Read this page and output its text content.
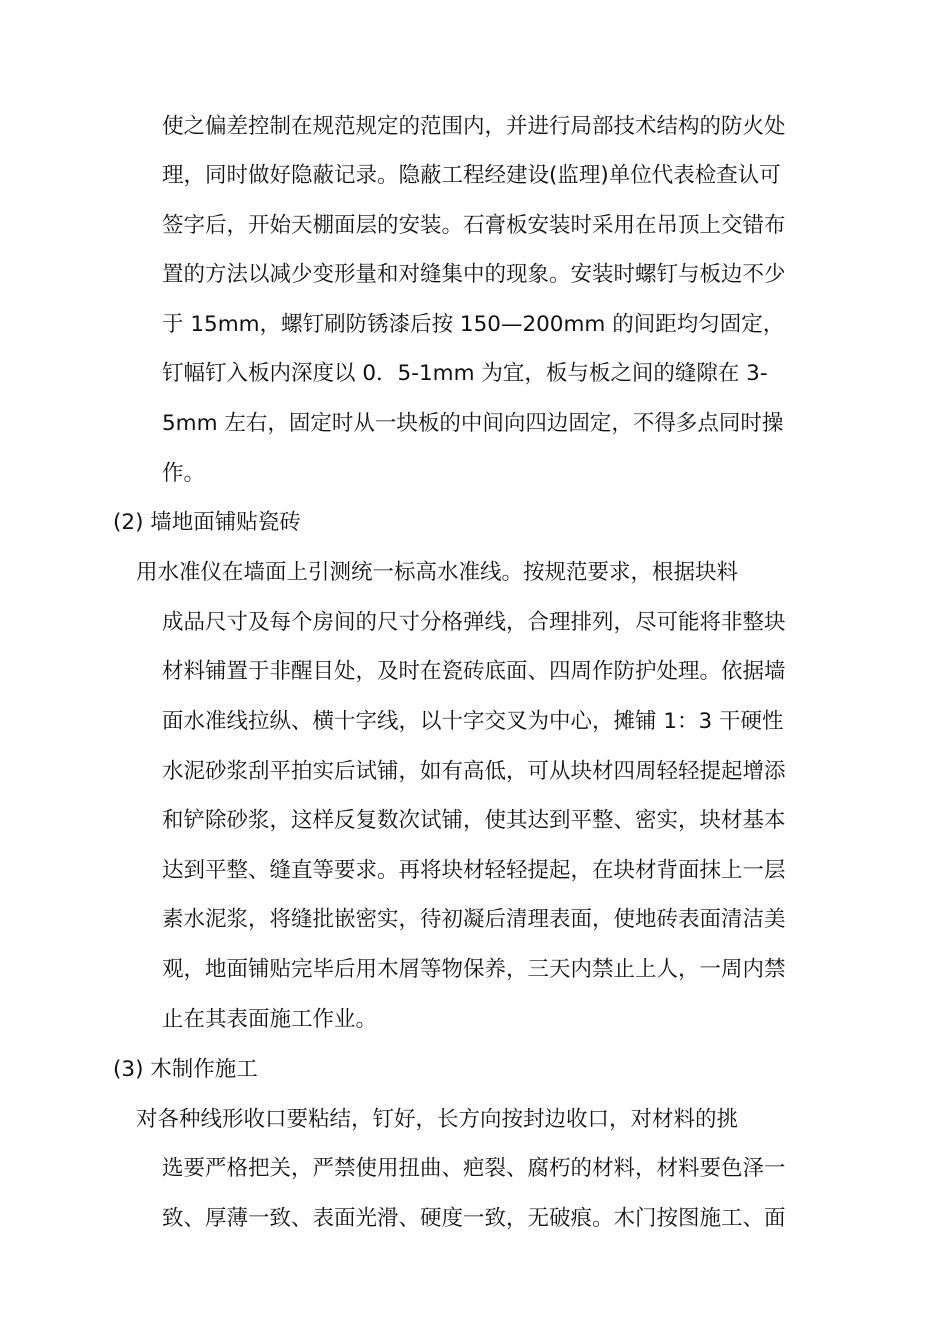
使之偏差控制在规范规定的范围内，并进行局部技术结构的防火处
理，同时做好隐蔽记录。隐蔽工程经建设(监理)单位代表检查认可
签字后，开始天棚面层的安装。石膏板安装时采用在吊顶上交错布
置的方法以减少变形量和对缝集中的现象。安装时螺钉与板边不少
于 15mm，螺钉刷防锈漆后按 150—200mm 的间距均匀固定，
钉幅钉入板内深度以 0．5-1mm 为宜，板与板之间的缝隙在 3-
5mm 左右，固定时从一块板的中间向四边固定，不得多点同时操
作。
(2) 墙地面铺贴瓷砖
用水准仪在墙面上引测统一标高水准线。按规范要求，根据块料
成品尺寸及每个房间的尺寸分格弹线，合理排列，尽可能将非整块
材料铺置于非醒目处，及时在瓷砖底面、四周作防护处理。依据墙
面水准线拉纵、横十字线，以十字交叉为中心，摊铺 1：3 干硬性
水泥砂浆刮平拍实后试铺，如有高低，可从块材四周轻轻提起增添
和铲除砂浆，这样反复数次试铺，使其达到平整、密实，块材基本
达到平整、缝直等要求。再将块材轻轻提起，在块材背面抹上一层
素水泥浆，将缝批嵌密实，待初凝后清理表面，使地砖表面清洁美
观，地面铺贴完毕后用木屑等物保养，三天内禁止上人，一周内禁
止在其表面施工作业。
(3) 木制作施工
对各种线形收口要粘结，钉好，长方向按封边收口，对材料的挑
选要严格把关，严禁使用扭曲、疤裂、腐朽的材料，材料要色泽一
致、厚薄一致、表面光滑、硬度一致，无破痕。木门按图施工、面
